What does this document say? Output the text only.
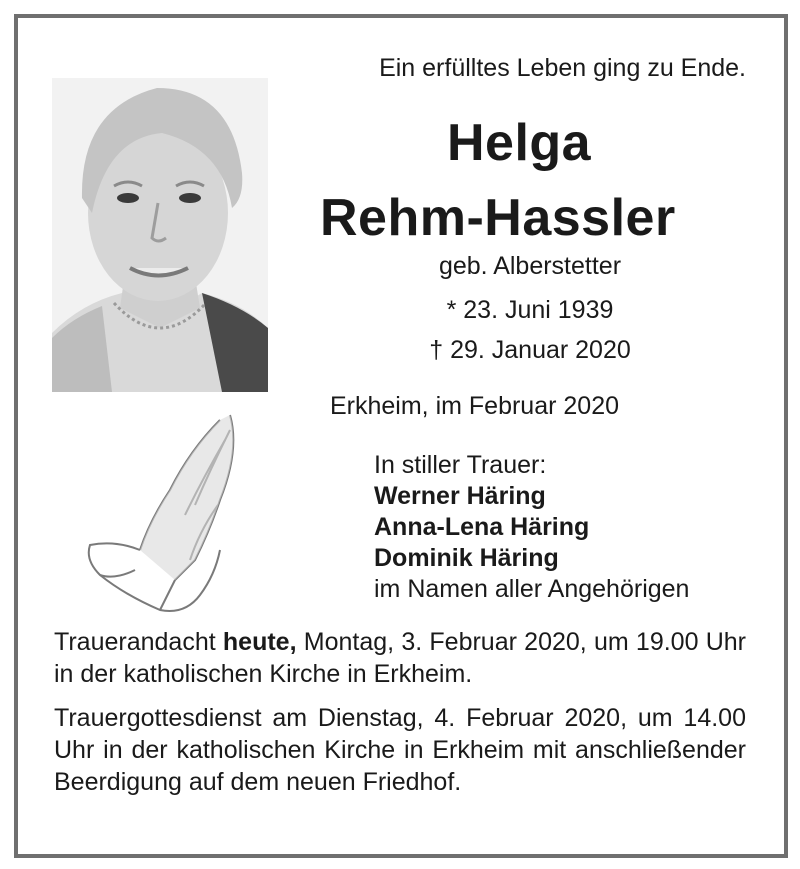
Ein erfülltes Leben ging zu Ende.
Helga
Rehm-Hassler
geb. Alberstetter
* 23. Juni 1939
† 29. Januar 2020
Erkheim, im Februar 2020
In stiller Trauer:
Werner Häring
Anna-Lena Häring
Dominik Häring
im Namen aller Angehörigen
Trauerandacht heute, Montag, 3. Februar 2020, um 19.00 Uhr in der katholischen Kirche in Erkheim.
Trauergottesdienst am Dienstag, 4. Februar 2020, um 14.00 Uhr in der katholischen Kirche in Erkheim mit anschließender Beerdigung auf dem neuen Friedhof.
